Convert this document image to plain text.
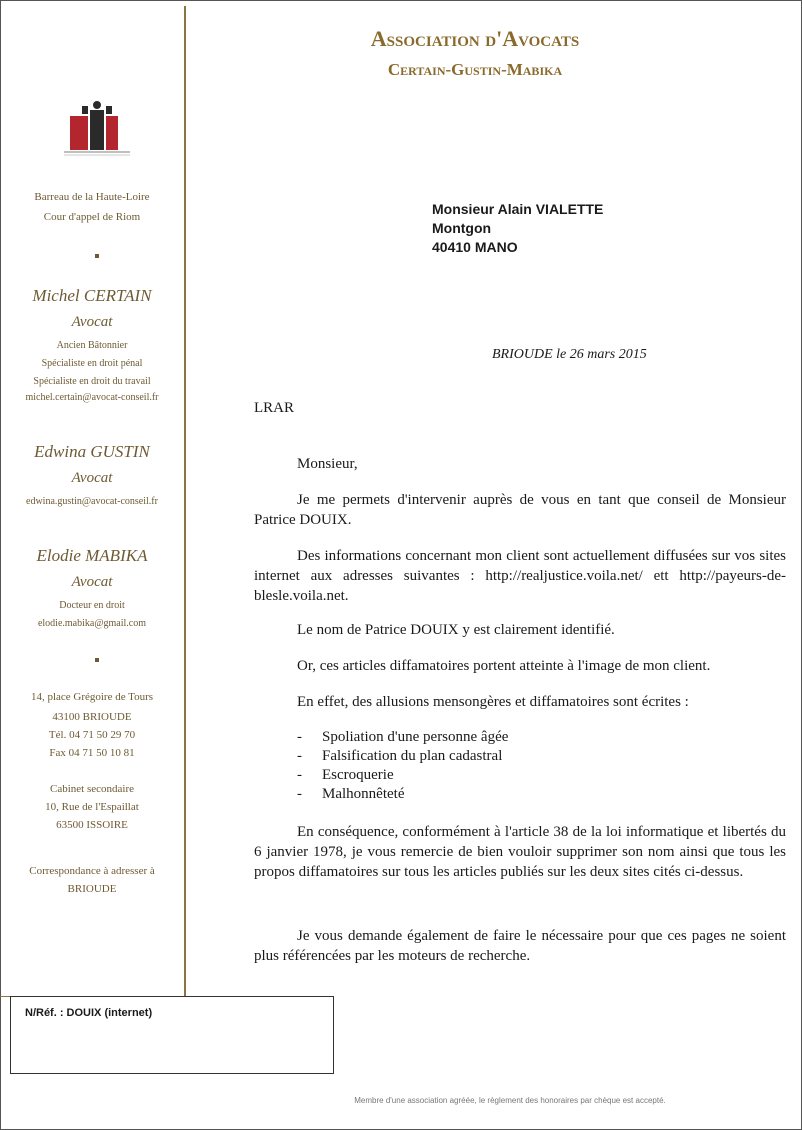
Association d'Avocats
Certain-Gustin-Mabika
Barreau de la Haute-Loire
Cour d'appel de Riom
Michel CERTAIN
Avocat
Ancien Bâtonnier
Spécialiste en droit pénal
Spécialiste en droit du travail
michel.certain@avocat-conseil.fr
Edwina GUSTIN
Avocat
edwina.gustin@avocat-conseil.fr
Elodie MABIKA
Avocat
Docteur en droit
elodie.mabika@gmail.com
14, place Grégoire de Tours
43100 BRIOUDE
Tél. 04 71 50 29 70
Fax 04 71 50 10 81
Cabinet secondaire
10, Rue de l'Espaillat
63500 ISSOIRE
Correspondance à adresser à
BRIOUDE
Monsieur Alain VIALETTE
Montgon
40410 MANO
BRIOUDE le 26 mars 2015
LRAR
Monsieur,
Je me permets d'intervenir auprès de vous en tant que conseil de Monsieur Patrice DOUIX.
Des informations concernant mon client sont actuellement diffusées sur vos sites internet aux adresses suivantes : http://realjustice.voila.net/ ett http://payeurs-de-blesle.voila.net.
Le nom de Patrice DOUIX y est clairement identifié.
Or, ces articles diffamatoires portent atteinte à l'image de mon client.
En effet, des allusions mensongères et diffamatoires sont écrites :
- Spoliation d'une personne âgée
- Falsification du plan cadastral
- Escroquerie
- Malhonnêteté
En conséquence, conformément à l'article 38 de la loi informatique et libertés du 6 janvier 1978, je vous remercie de bien vouloir supprimer son nom ainsi que tous les propos diffamatoires sur tous les articles publiés sur les deux sites cités ci-dessus.
Je vous demande également de faire le nécessaire pour que ces pages ne soient plus référencées par les moteurs de recherche.
N/Réf. : DOUIX (internet)
Membre d'une association agréée, le règlement des honoraires par chèque est accepté.
